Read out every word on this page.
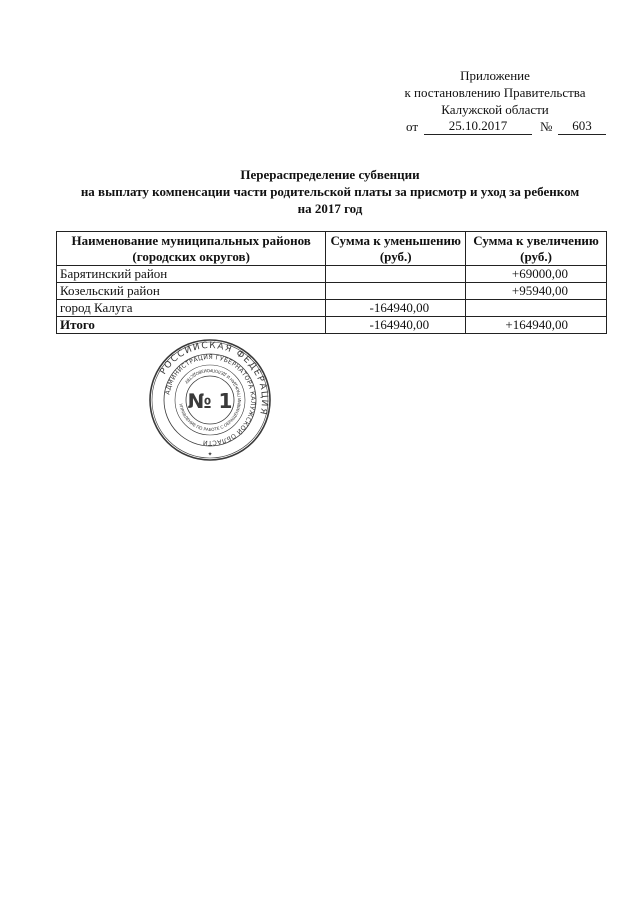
Приложение
к постановлению Правительства
Калужской области
от	25.10.2017	№	603
Перераспределение субвенции
на выплату компенсации части родительской платы за присмотр и уход за ребенком
на 2017 год
Наименование муниципальных районов (городских округов)	Сумма к уменьшению (руб.)	Сумма к увеличению (руб.)
Барятинский район		+69000,00
Козельский район		+95940,00
город Калуга	-164940,00	
Итого	-164940,00	+164940,00
РОССИЙСКАЯ ФЕДЕРАЦИЯ
АДМИНИСТРАЦИЯ ГУБЕРНАТОРА КАЛУЖСКОЙ ОБЛАСТИ
УПРАВЛЕНИЕ ПО РАБОТЕ С ОБРАЩЕНИЯМИ ГРАЖДАН И ДЕЛОПРОИЗВОДСТВУ
№ 1
✦
